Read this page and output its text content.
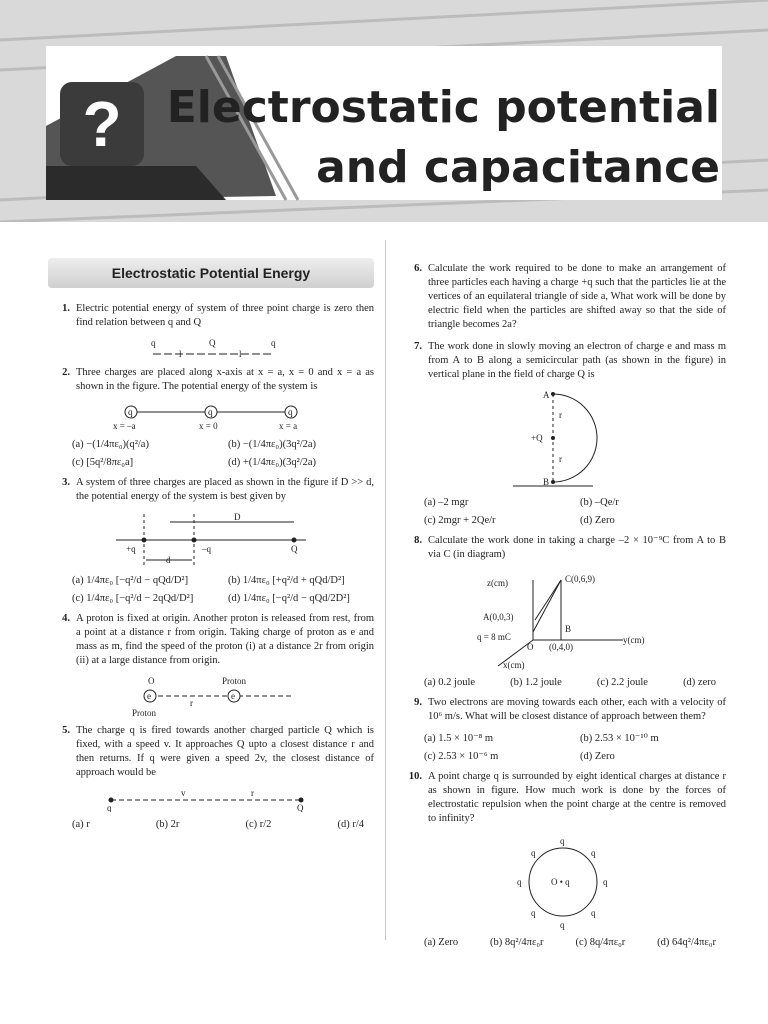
?	Electrostatic potential
and capacitance
Electrostatic Potential Energy
1. Electric potential energy of system of three point charge is zero then find relation between q and Q
q	Q	q
l	l
2. Three charges are placed along x-axis at x = a, x = 0 and x = a as shown in the figure. The potential energy of the system is
q	q	q
x = –a	x = 0	x = a
(a) −(1/4πε₀)(q²/a)	(b) −(1/4πε₀)(3q²/2a)
(c) [5q²/8πε₀a]	(d) +(1/4πε₀)(3q²/2a)
3. A system of three charges are placed as shown in the figure if D >> d, the potential energy of the system is best given by
D
+q	–q	Q
d
(a) 1/4πε₀ [−q²/d − qQd/D²]	(b) 1/4πε₀ [+q²/d + qQd/D²]
(c) 1/4πε₀ [−q²/d − 2qQd/D²]	(d) 1/4πε₀ [−q²/d − qQd/2D²]
4. A proton is fixed at origin. Another proton is released from rest, from a point at a distance r from origin. Taking charge of proton as e and mass as m, find the speed of the proton (i) at a distance 2r from origin (ii) at a large distance from origin.
O	Proton
e	e
r
Proton
5. The charge q is fired towards another charged particle Q which is fixed, with a speed v. It approaches Q upto a closest distance r and then returns. If q were given a speed 2v, the closest distance of approach would be
v	r
q	Q
(a) r	(b) 2r	(c) r/2	(d) r/4
6. Calculate the work required to be done to make an arrangement of three particles each having a charge +q such that the particles lie at the vertices of an equilateral triangle of side a, What work will be done by electric field when the particles are shifted away so that the side of triangle becomes 2a?
7. The work done in slowly moving an electron of charge e and mass m from A to B along a semicircular path (as shown in the figure) in vertical plane in the field of charge Q is
A
+Q
B
r
r
(a) –2 mgr	(b) –Qe/r
(c) 2mgr + 2Qe/r	(d) Zero
8. Calculate the work done in taking a charge –2 × 10⁻⁹C from A to B via C (in diagram)
z(cm)	C(0,6,9)
A(0,0,3)
B
q = 8 mC
O (0,4,0)
y(cm)
x(cm)
(a) 0.2 joule	(b) 1.2 joule	(c) 2.2 joule	(d) zero
9. Two electrons are moving towards each other, each with a velocity of 10⁶ m/s. What will be closest distance of approach between them?
(a) 1.5 × 10⁻⁸ m	(b) 2.53 × 10⁻¹⁰ m
(c) 2.53 × 10⁻⁶ m	(d) Zero
10. A point charge q is surrounded by eight identical charges at distance r as shown in figure. How much work is done by the forces of electrostatic repulsion when the point charge at the centre is removed to infinity?
q
q
q	q
q	q
q	q
O • q
(a) Zero	(b) 8q²/4πε₀r	(c) 8q/4πε₀r	(d) 64q²/4πε₀r
